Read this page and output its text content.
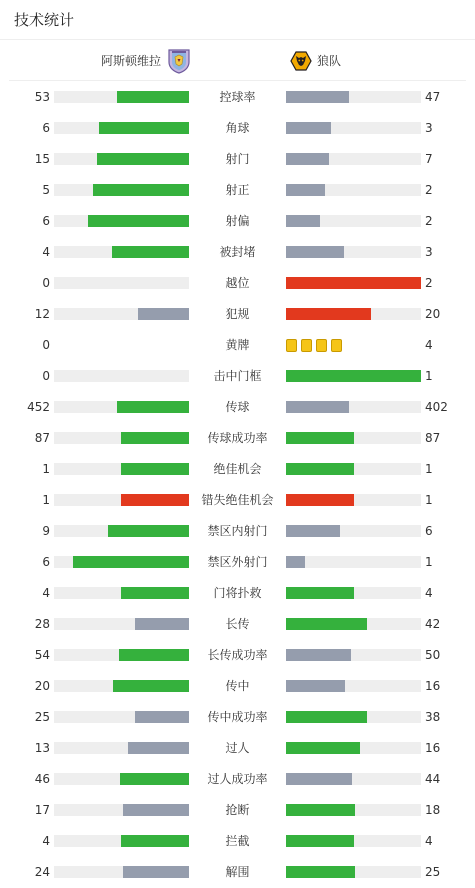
技术统计
阿斯顿维拉	狼队
53	控球率	47
6	角球	3
15	射门	7
5	射正	2
6	射偏	2
4	被封堵	3
0	越位	2
12	犯规	20
0	黄牌	4
0	击中门框	1
452	传球	402
87	传球成功率	87
1	绝佳机会	1
1	错失绝佳机会	1
9	禁区内射门	6
6	禁区外射门	1
4	门将扑救	4
28	长传	42
54	长传成功率	50
20	传中	16
25	传中成功率	38
13	过人	16
46	过人成功率	44
17	抢断	18
4	拦截	4
24	解围	25
